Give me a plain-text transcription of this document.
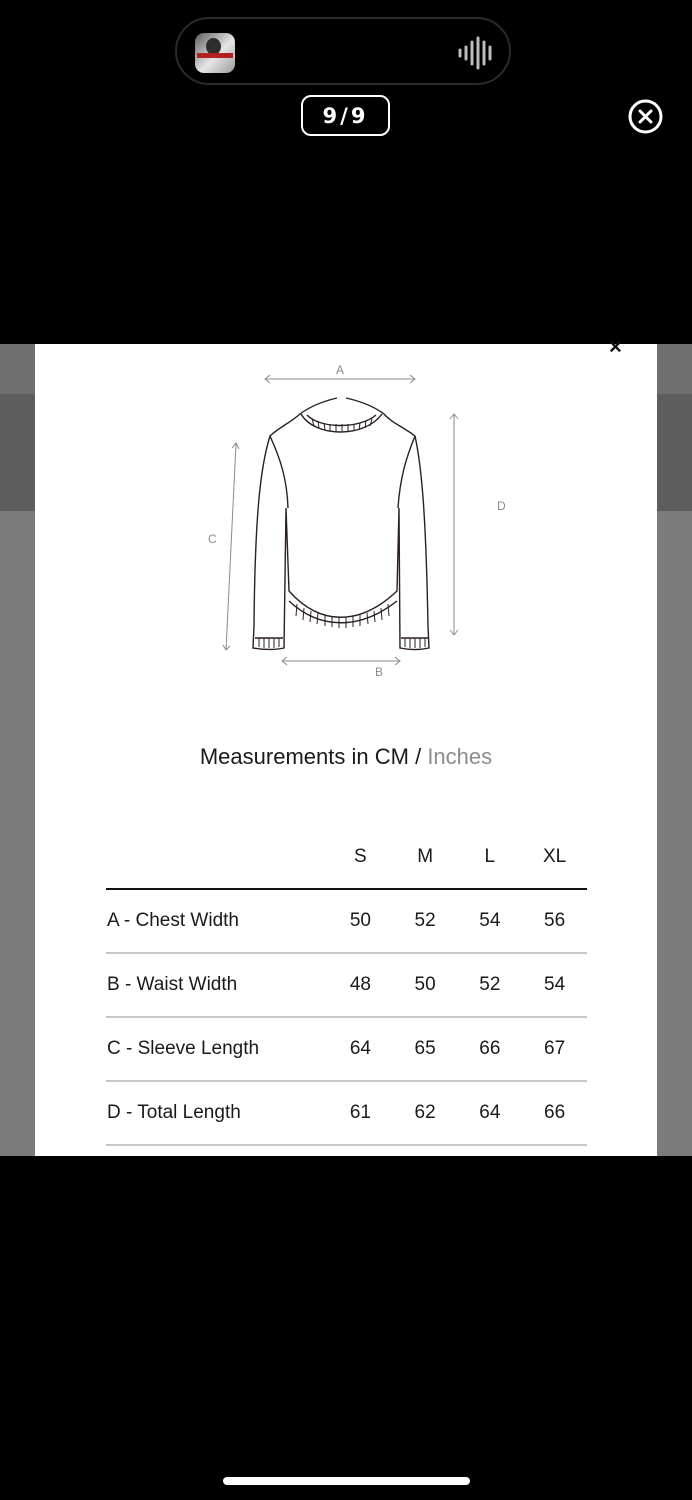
9/9
×
A
B
C
D
Measurements in CM / Inches
	S	M	L	XL
A - Chest Width	50	52	54	56
B - Waist Width	48	50	52	54
C - Sleeve Length	64	65	66	67
D - Total Length	61	62	64	66
